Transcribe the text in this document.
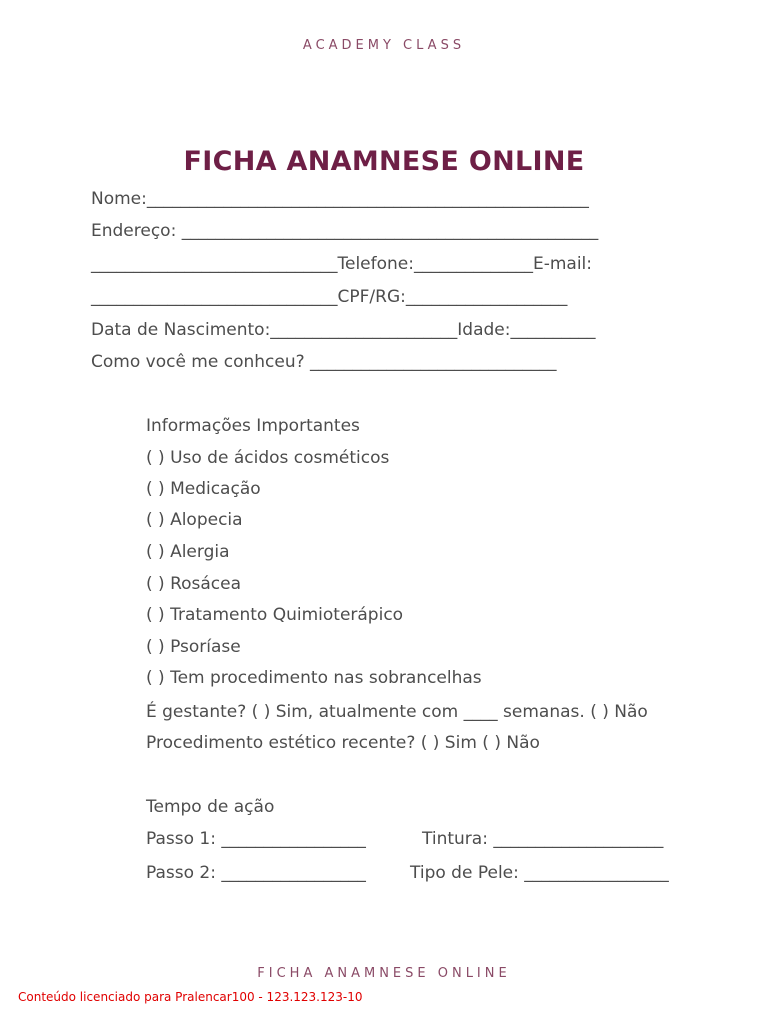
ACADEMY CLASS
FICHA ANAMNESE ONLINE
Nome:____________________________________________________
Endereço: _________________________________________________
_____________________________Telefone:______________E-mail:
_____________________________CPF/RG:___________________
Data de Nascimento:______________________Idade:__________
Como você me conhceu? _____________________________
Informações Importantes
( ) Uso de ácidos cosméticos
( ) Medicação
( ) Alopecia
( ) Alergia
( ) Rosácea
( ) Tratamento Quimioterápico
( ) Psoríase
( ) Tem procedimento nas sobrancelhas
É gestante? ( ) Sim, atualmente com ____ semanas. ( ) Não
Procedimento estético recente? ( ) Sim ( ) Não
Tempo de ação
Passo 1: _________________	Tintura: ____________________
Passo 2: _________________	Tipo de Pele: _________________
FICHA ANAMNESE ONLINE
Conteúdo licenciado para Pralencar100 - 123.123.123-10
